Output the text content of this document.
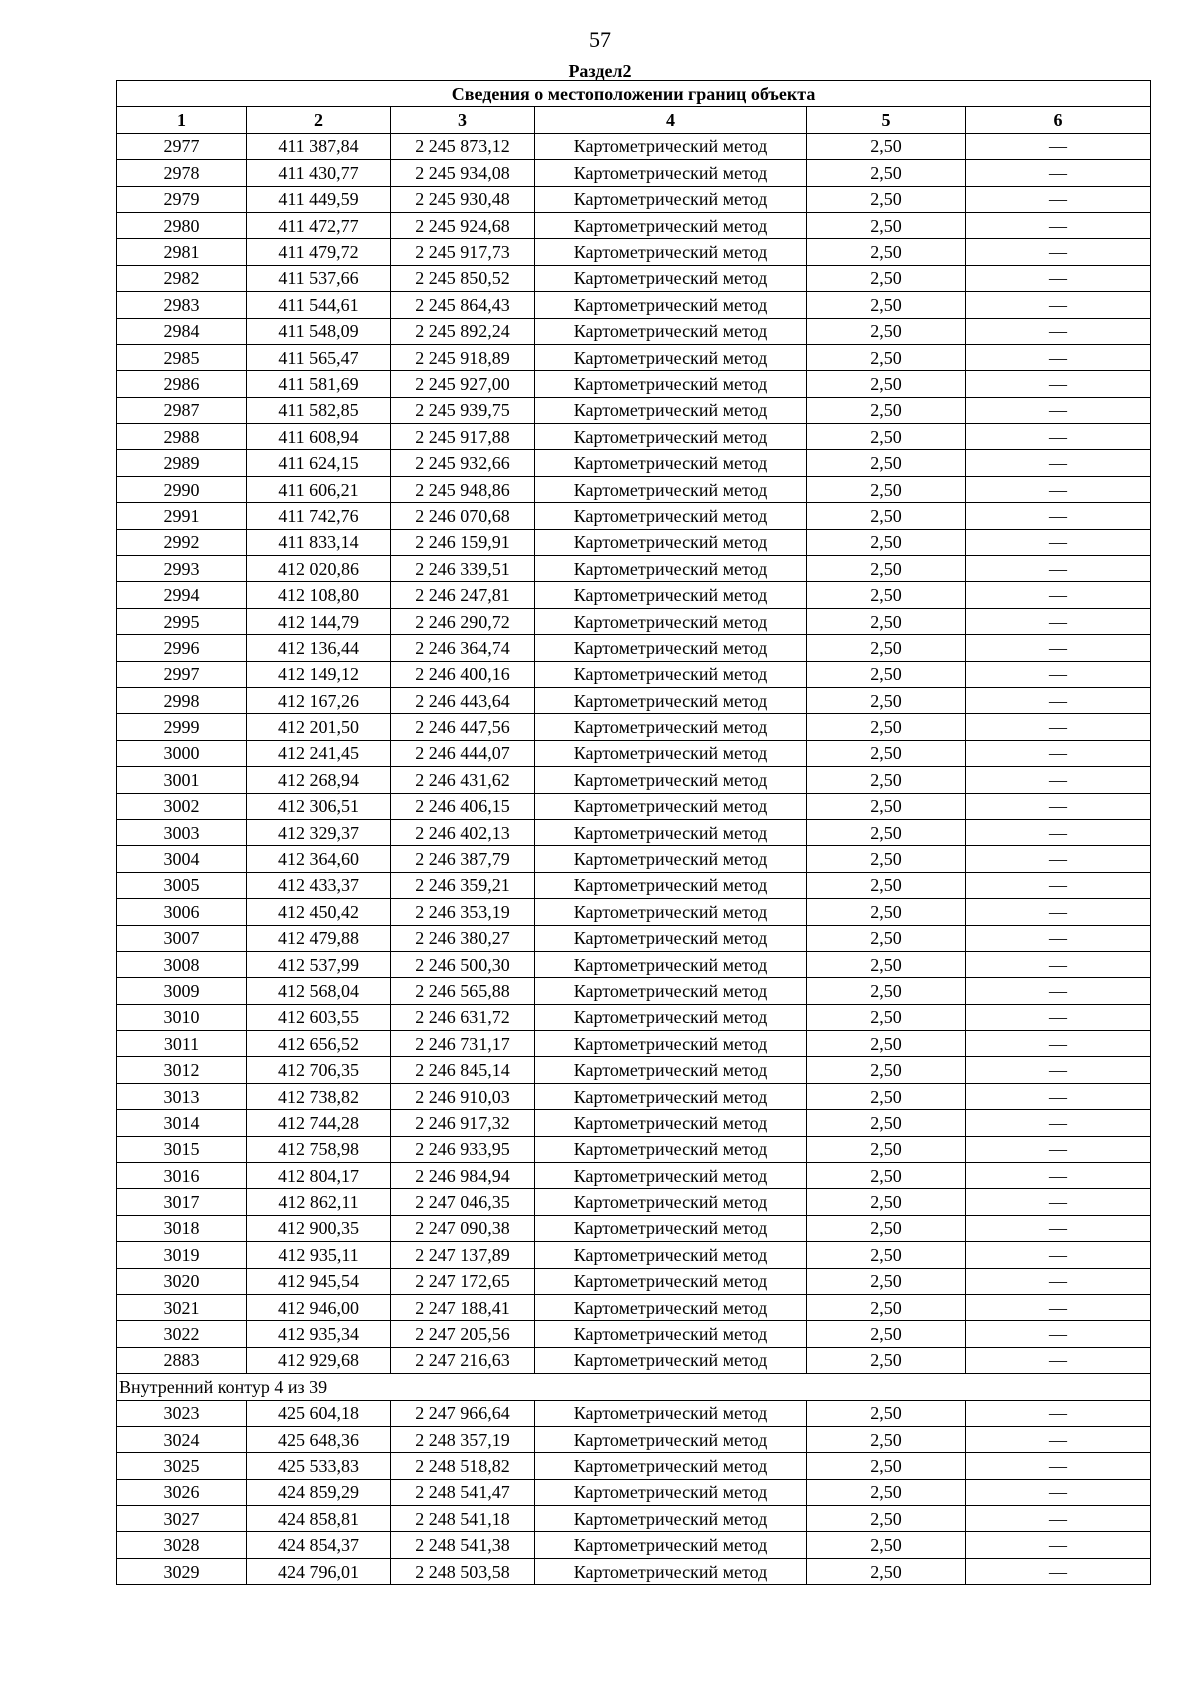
57
Раздел2
Сведения о местоположении границ объекта					
1	2	3	4	5	6
2977	411 387,84	2 245 873,12	Картометрический метод	2,50	—
2978	411 430,77	2 245 934,08	Картометрический метод	2,50	—
2979	411 449,59	2 245 930,48	Картометрический метод	2,50	—
2980	411 472,77	2 245 924,68	Картометрический метод	2,50	—
2981	411 479,72	2 245 917,73	Картометрический метод	2,50	—
2982	411 537,66	2 245 850,52	Картометрический метод	2,50	—
2983	411 544,61	2 245 864,43	Картометрический метод	2,50	—
2984	411 548,09	2 245 892,24	Картометрический метод	2,50	—
2985	411 565,47	2 245 918,89	Картометрический метод	2,50	—
2986	411 581,69	2 245 927,00	Картометрический метод	2,50	—
2987	411 582,85	2 245 939,75	Картометрический метод	2,50	—
2988	411 608,94	2 245 917,88	Картометрический метод	2,50	—
2989	411 624,15	2 245 932,66	Картометрический метод	2,50	—
2990	411 606,21	2 245 948,86	Картометрический метод	2,50	—
2991	411 742,76	2 246 070,68	Картометрический метод	2,50	—
2992	411 833,14	2 246 159,91	Картометрический метод	2,50	—
2993	412 020,86	2 246 339,51	Картометрический метод	2,50	—
2994	412 108,80	2 246 247,81	Картометрический метод	2,50	—
2995	412 144,79	2 246 290,72	Картометрический метод	2,50	—
2996	412 136,44	2 246 364,74	Картометрический метод	2,50	—
2997	412 149,12	2 246 400,16	Картометрический метод	2,50	—
2998	412 167,26	2 246 443,64	Картометрический метод	2,50	—
2999	412 201,50	2 246 447,56	Картометрический метод	2,50	—
3000	412 241,45	2 246 444,07	Картометрический метод	2,50	—
3001	412 268,94	2 246 431,62	Картометрический метод	2,50	—
3002	412 306,51	2 246 406,15	Картометрический метод	2,50	—
3003	412 329,37	2 246 402,13	Картометрический метод	2,50	—
3004	412 364,60	2 246 387,79	Картометрический метод	2,50	—
3005	412 433,37	2 246 359,21	Картометрический метод	2,50	—
3006	412 450,42	2 246 353,19	Картометрический метод	2,50	—
3007	412 479,88	2 246 380,27	Картометрический метод	2,50	—
3008	412 537,99	2 246 500,30	Картометрический метод	2,50	—
3009	412 568,04	2 246 565,88	Картометрический метод	2,50	—
3010	412 603,55	2 246 631,72	Картометрический метод	2,50	—
3011	412 656,52	2 246 731,17	Картометрический метод	2,50	—
3012	412 706,35	2 246 845,14	Картометрический метод	2,50	—
3013	412 738,82	2 246 910,03	Картометрический метод	2,50	—
3014	412 744,28	2 246 917,32	Картометрический метод	2,50	—
3015	412 758,98	2 246 933,95	Картометрический метод	2,50	—
3016	412 804,17	2 246 984,94	Картометрический метод	2,50	—
3017	412 862,11	2 247 046,35	Картометрический метод	2,50	—
3018	412 900,35	2 247 090,38	Картометрический метод	2,50	—
3019	412 935,11	2 247 137,89	Картометрический метод	2,50	—
3020	412 945,54	2 247 172,65	Картометрический метод	2,50	—
3021	412 946,00	2 247 188,41	Картометрический метод	2,50	—
3022	412 935,34	2 247 205,56	Картометрический метод	2,50	—
2883	412 929,68	2 247 216,63	Картометрический метод	2,50	—
Внутренний контур 4 из 39					
3023	425 604,18	2 247 966,64	Картометрический метод	2,50	—
3024	425 648,36	2 248 357,19	Картометрический метод	2,50	—
3025	425 533,83	2 248 518,82	Картометрический метод	2,50	—
3026	424 859,29	2 248 541,47	Картометрический метод	2,50	—
3027	424 858,81	2 248 541,18	Картометрический метод	2,50	—
3028	424 854,37	2 248 541,38	Картометрический метод	2,50	—
3029	424 796,01	2 248 503,58	Картометрический метод	2,50	—
